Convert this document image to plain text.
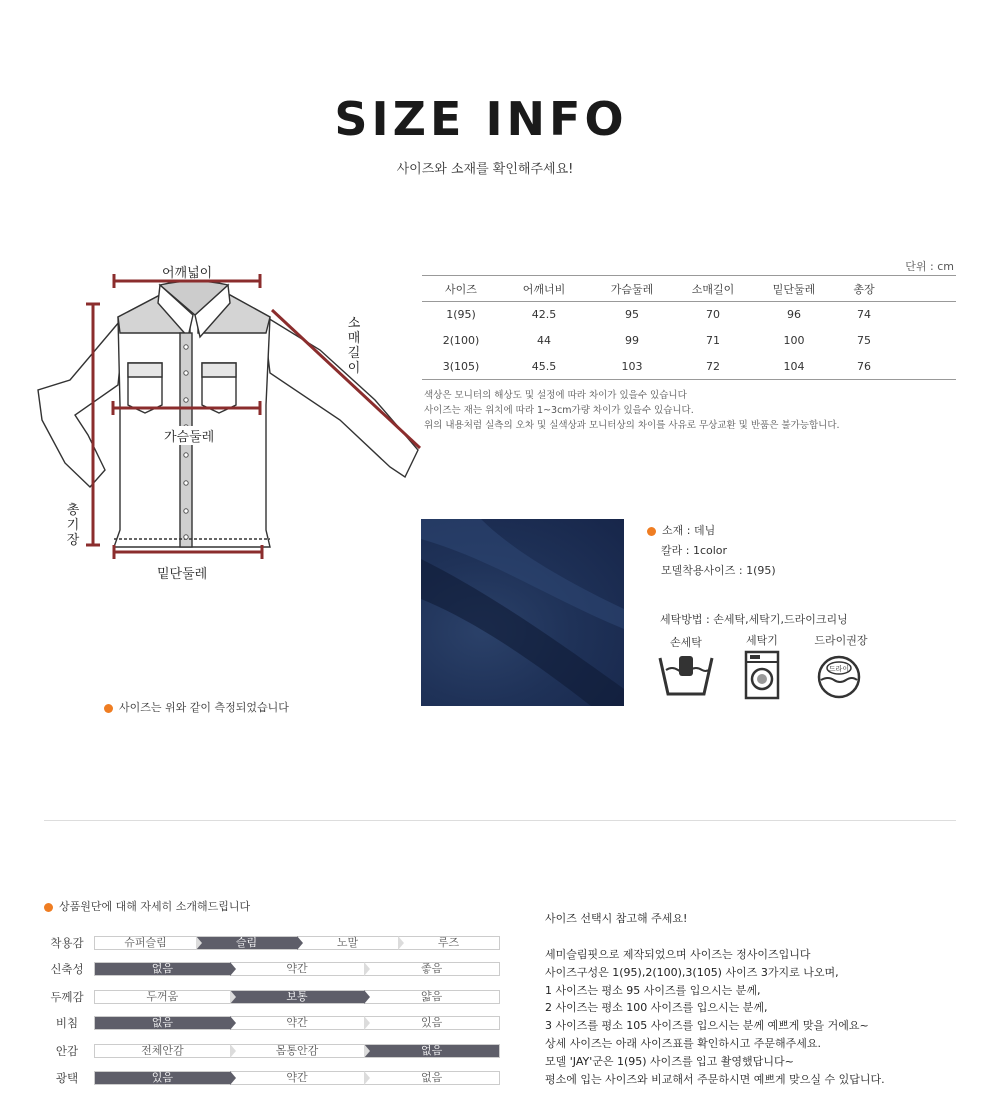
SIZE INFO
사이즈와 소재를 확인해주세요!
어깨넓이
소
매
길
이
가슴둘레
총
기
장
밑단둘레
사이즈는 위와 같이 측정되었습니다
단위 : cm
사이즈	어깨너비	가슴둘레	소매길이	밑단둘레	총장	
1(95)	42.5	95	70	96	74	
2(100)	44	99	71	100	75	
3(105)	45.5	103	72	104	76	
색상은 모니터의 해상도 및 설정에 따라 차이가 있을수 있습니다
사이즈는 재는 위치에 따라 1~3cm가량 차이가 있을수 있습니다.
위의 내용처럼 실측의 오차 및 실색상과 모니터상의 차이를 사유로 무상교환 및 반품은 불가능합니다.
소재 : 데님
칼라 : 1color
모델착용사이즈 : 1(95)
세탁방법 : 손세탁,세탁기,드라이크리닝
손세탁	세탁기	드라이권장
드라이
상품원단에 대해 자세히 소개해드립니다
착용감	슈퍼슬림	슬림	노말	루즈
신축성	없음	약간	좋음
두께감	두꺼움	보통	얇음
비침	없음	약간	있음
안감	전체안감	몸통안감	없음
광택	있음	약간	없음
사이즈 선택시 참고해 주세요!
세미슬림핏으로 제작되었으며 사이즈는 정사이즈입니다
사이즈구성은 1(95),2(100),3(105) 사이즈 3가지로 나오며,
1 사이즈는 평소 95 사이즈를 입으시는 분께,
2 사이즈는 평소 100 사이즈를 입으시는 분께,
3 사이즈를 평소 105 사이즈를 입으시는 분께 예쁘게 맞을 거에요~
상세 사이즈는 아래 사이즈표를 확인하시고 주문해주세요.
모델 'JAY'군은 1(95) 사이즈를 입고 촬영했답니다~
평소에 입는 사이즈와 비교해서 주문하시면 예쁘게 맞으실 수 있답니다.
